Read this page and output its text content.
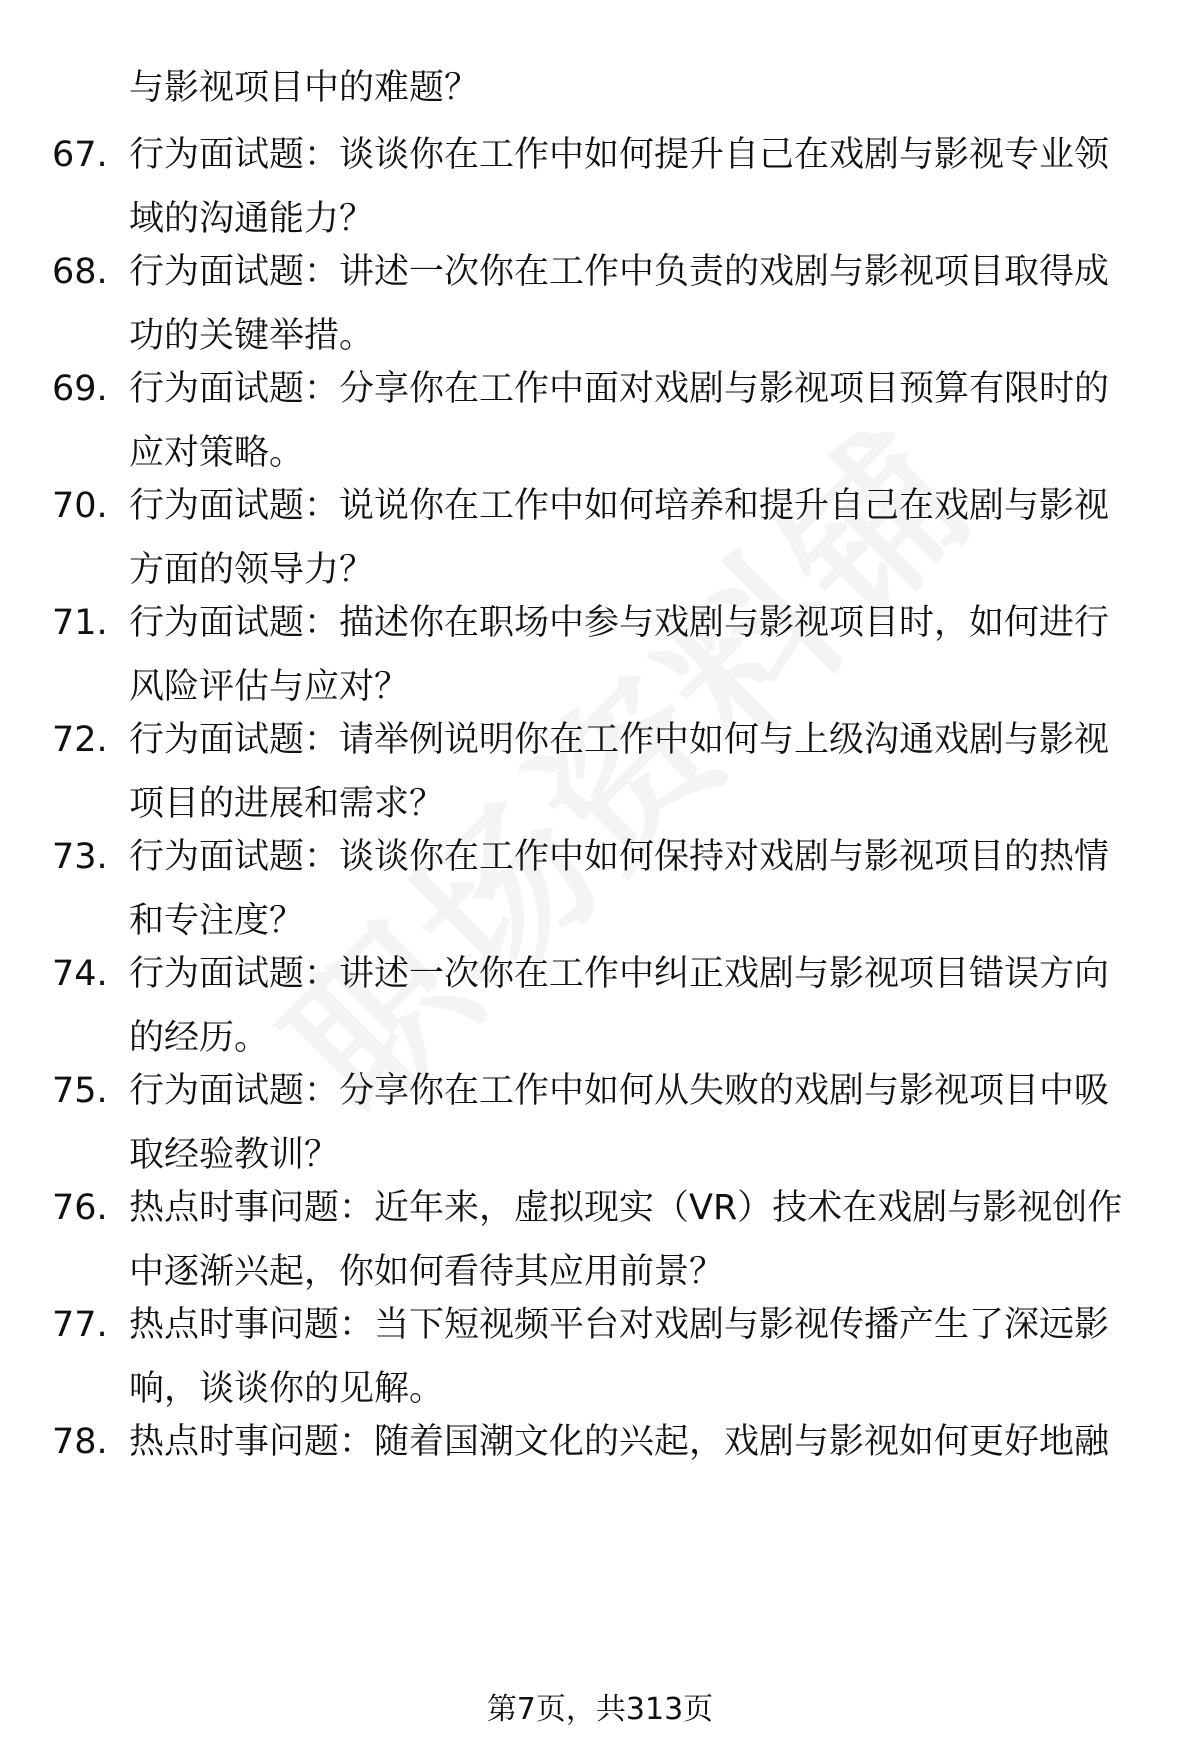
与影视项目中的难题？
67. 行为面试题：谈谈你在工作中如何提升自己在戏剧与影视专业领
域的沟通能力？
68. 行为面试题：讲述一次你在工作中负责的戏剧与影视项目取得成
功的关键举措。
69. 行为面试题：分享你在工作中面对戏剧与影视项目预算有限时的
应对策略。
70. 行为面试题：说说你在工作中如何培养和提升自己在戏剧与影视
方面的领导力？
71. 行为面试题：描述你在职场中参与戏剧与影视项目时，如何进行
风险评估与应对？
72. 行为面试题：请举例说明你在工作中如何与上级沟通戏剧与影视
项目的进展和需求？
73. 行为面试题：谈谈你在工作中如何保持对戏剧与影视项目的热情
和专注度？
74. 行为面试题：讲述一次你在工作中纠正戏剧与影视项目错误方向
的经历。
75. 行为面试题：分享你在工作中如何从失败的戏剧与影视项目中吸
取经验教训？
76. 热点时事问题：近年来，虚拟现实（VR）技术在戏剧与影视创作
中逐渐兴起，你如何看待其应用前景？
77. 热点时事问题：当下短视频平台对戏剧与影视传播产生了深远影
响，谈谈你的见解。
78. 热点时事问题：随着国潮文化的兴起，戏剧与影视如何更好地融
第7页，共313页
